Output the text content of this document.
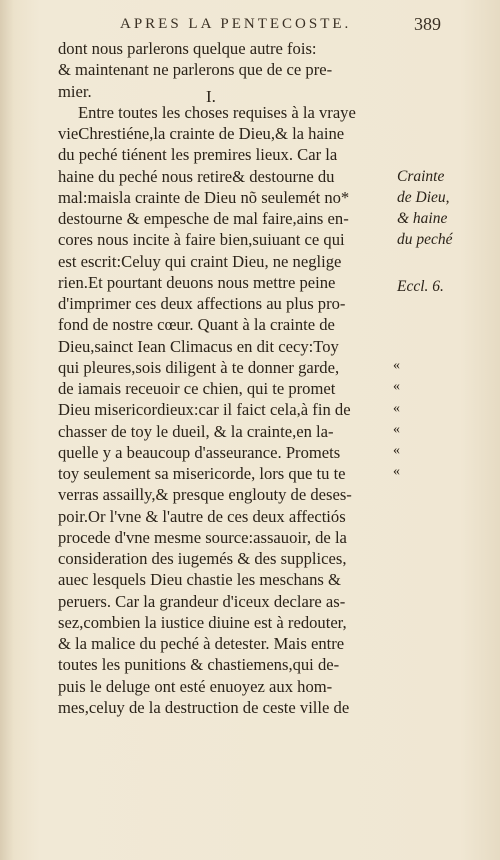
APRES LA PENTECOSTE.	389
I.
dont nous parlerons quelque autre fois:
& maintenant ne parlerons que de ce pre-
mier.
Entre toutes les choses requises à la vraye
vieChrestiéne,la crainte de Dieu,& la haine
du peché tiénent les premires lieux. Car la
haine du peché nous retire& destourne du
mal:maisla crainte de Dieu nõ seulemét no*
destourne & empesche de mal faire,ains en-
cores nous incite à faire bien,suiuant ce qui
est escrit:Celuy qui craint Dieu, ne neglige
rien.Et pourtant deuons nous mettre peine
d'imprimer ces deux affections au plus pro-
fond de nostre cœur. Quant à la crainte de
Dieu,sainct Iean Climacus en dit cecy:Toy
qui pleures,sois diligent à te donner garde,
de iamais receuoir ce chien, qui te promet
Dieu misericordieux:car il faict cela,à fin de
chasser de toy le dueil, & la crainte,en la-
quelle y a beaucoup d'asseurance. Promets
toy seulement sa misericorde, lors que tu te
verras assailly,& presque englouty de deses-
poir.Or l'vne & l'autre de ces deux affectiós
procede d'vne mesme source:assauoir, de la
consideration des iugemés & des supplices,
auec lesquels Dieu chastie les meschans &
peruers. Car la grandeur d'iceux declare as-
sez,combien la iustice diuine est à redouter,
& la malice du peché à detester. Mais entre
toutes les punitions & chastiemens,qui de-
puis le deluge ont esté enuoyez aux hom-
mes,celuy de la destruction de ceste ville de
Crainte
de Dieu,
& haine
du peché
Eccl. 6.
«
«
«
«
«
«
